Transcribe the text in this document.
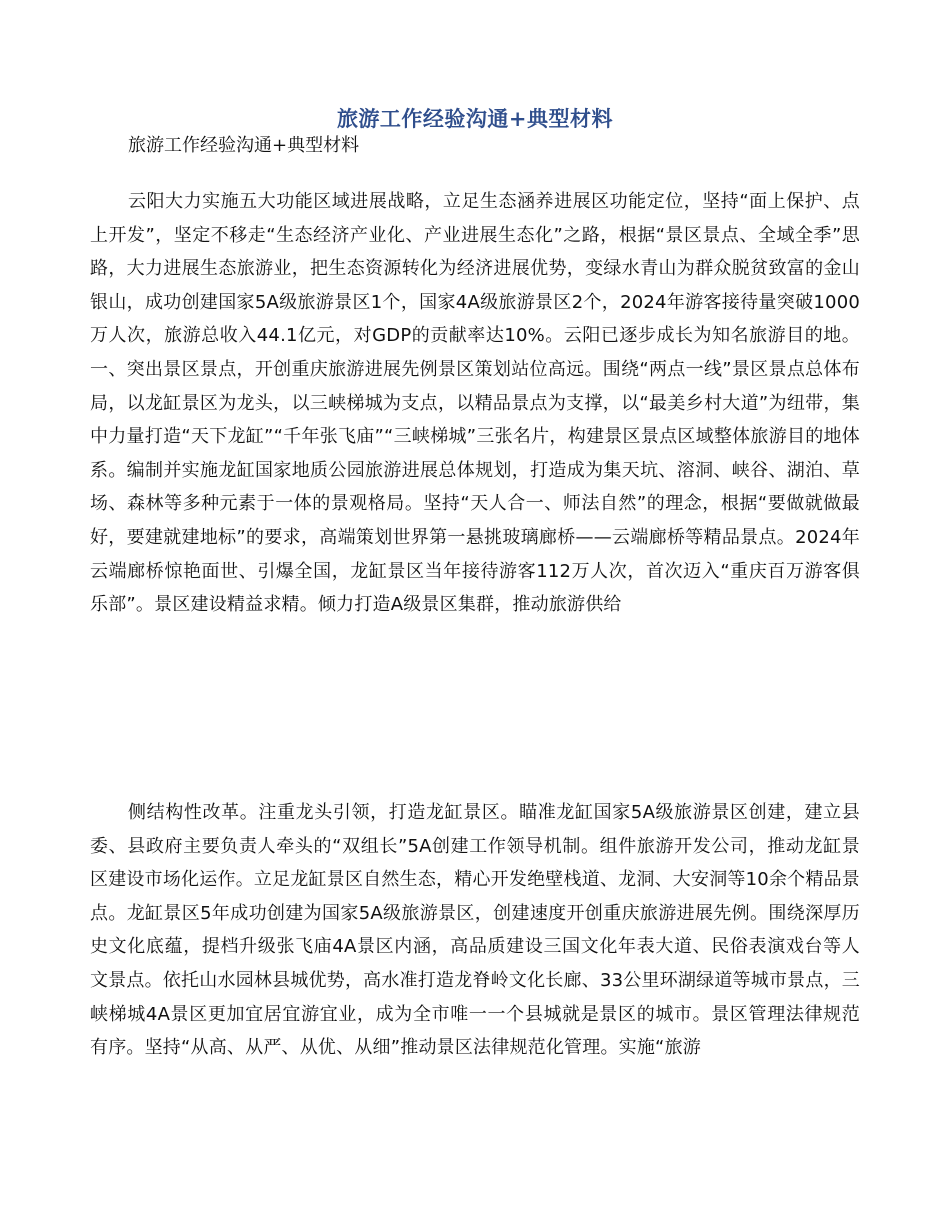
旅游工作经验沟通+典型材料
旅游工作经验沟通+典型材料

云阳大力实施五大功能区域进展战略，立足生态涵养进展区功能定位，坚持“面上保护、点上开发”，坚定不移走“生态经济产业化、产业进展生态化”之路，根据“景区景点、全域全季”思路，大力进展生态旅游业，把生态资源转化为经济进展优势，变绿水青山为群众脱贫致富的金山银山，成功创建国家5A级旅游景区1个，国家4A级旅游景区2个，2024年游客接待量突破1000万人次，旅游总收入44.1亿元，对GDP的贡献率达10%。云阳已逐步成长为知名旅游目的地。一、突出景区景点，开创重庆旅游进展先例景区策划站位高远。围绕“两点一线”景区景点总体布局，以龙缸景区为龙头，以三峡梯城为支点，以精品景点为支撑，以“最美乡村大道”为纽带，集中力量打造“天下龙缸”“千年张飞庙”“三峡梯城”三张名片，构建景区景点区域整体旅游目的地体系。编制并实施龙缸国家地质公园旅游进展总体规划，打造成为集天坑、溶洞、峡谷、湖泊、草场、森林等多种元素于一体的景观格局。坚持“天人合一、师法自然”的理念，根据“要做就做最好，要建就建地标”的要求，高端策划世界第一悬挑玻璃廊桥——云端廊桥等精品景点。2024年云端廊桥惊艳面世、引爆全国，龙缸景区当年接待游客112万人次，首次迈入“重庆百万游客俱乐部”。景区建设精益求精。倾力打造A级景区集群，推动旅游供给

侧结构性改革。注重龙头引领，打造龙缸景区。瞄准龙缸国家5A级旅游景区创建，建立县委、县政府主要负责人牵头的“双组长”5A创建工作领导机制。组件旅游开发公司，推动龙缸景区建设市场化运作。立足龙缸景区自然生态，精心开发绝壁栈道、龙洞、大安洞等10余个精品景点。龙缸景区5年成功创建为国家5A级旅游景区，创建速度开创重庆旅游进展先例。围绕深厚历史文化底蕴，提档升级张飞庙4A景区内涵，高品质建设三国文化年表大道、民俗表演戏台等人文景点。依托山水园林县城优势，高水准打造龙脊岭文化长廊、33公里环湖绿道等城市景点，三峡梯城4A景区更加宜居宜游宜业，成为全市唯一一个县城就是景区的城市。景区管理法律规范有序。坚持“从高、从严、从优、从细”推动景区法律规范化管理。实施“旅游
